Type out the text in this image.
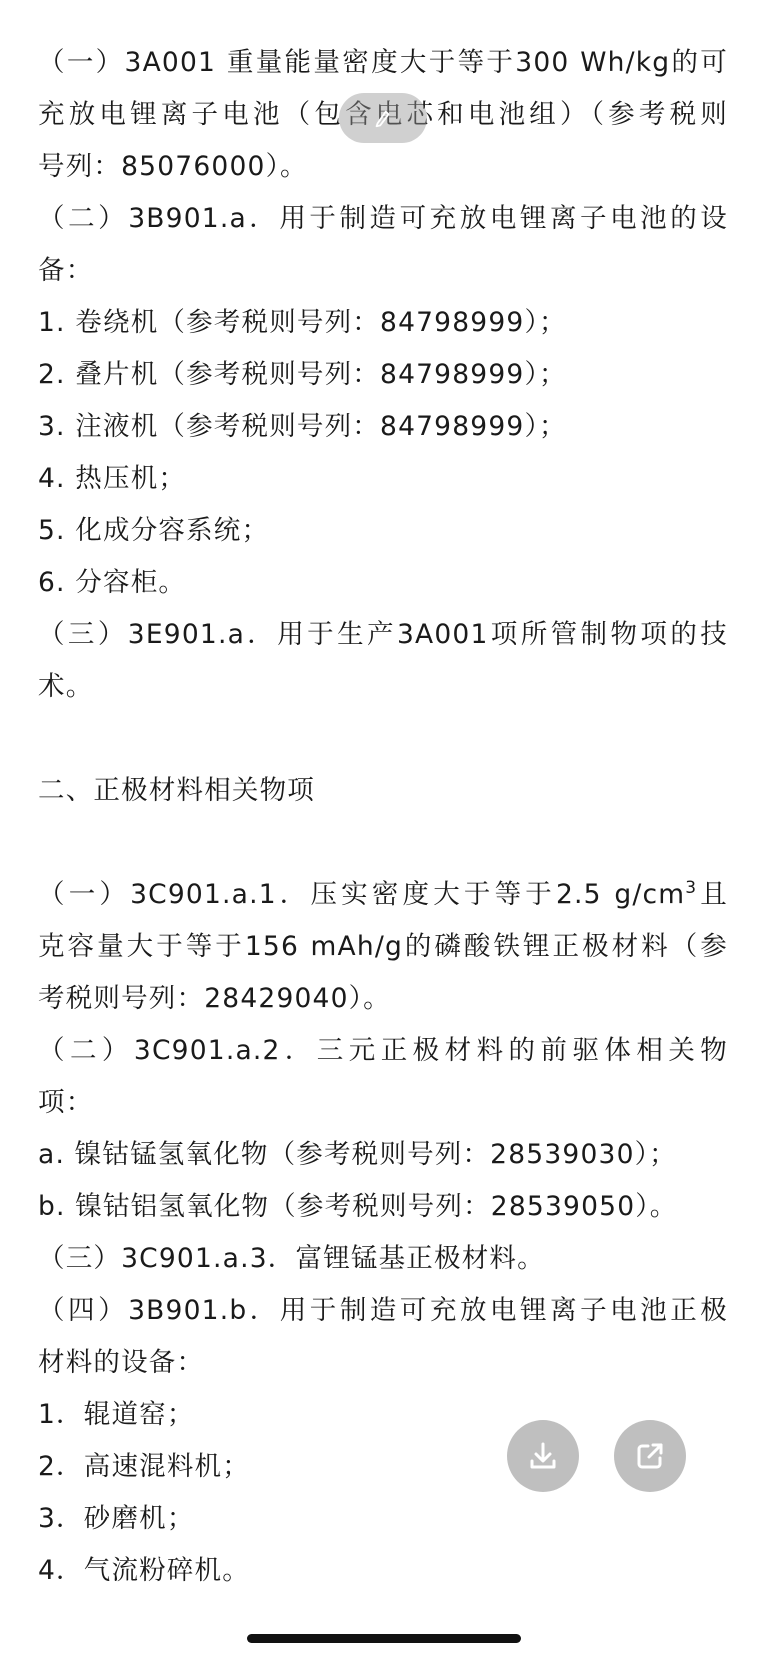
（一）3A001 重量能量密度大于等于300 Wh/kg的可
充放电锂离子电池（包含电芯和电池组）（参考税则
号列：85076000）。
（二）3B901.a．用于制造可充放电锂离子电池的设
备：
1. 卷绕机（参考税则号列：84798999）；
2. 叠片机（参考税则号列：84798999）；
3. 注液机（参考税则号列：84798999）；
4. 热压机；
5. 化成分容系统；
6. 分容柜。
（三）3E901.a．用于生产3A001项所管制物项的技
术。
二、正极材料相关物项
（一）3C901.a.1．压实密度大于等于2.5 $g/cm^3$且
克容量大于等于156 mAh/g的磷酸铁锂正极材料（参
考税则号列：28429040）。
（二）3C901.a.2．三元正极材料的前驱体相关物
项：
a. 镍钴锰氢氧化物（参考税则号列：28539030）；
b. 镍钴铝氢氧化物（参考税则号列：28539050）。
（三）3C901.a.3．富锂锰基正极材料。
（四）3B901.b．用于制造可充放电锂离子电池正极
材料的设备：
1．辊道窑；
2．高速混料机；
3．砂磨机；
4．气流粉碎机。
